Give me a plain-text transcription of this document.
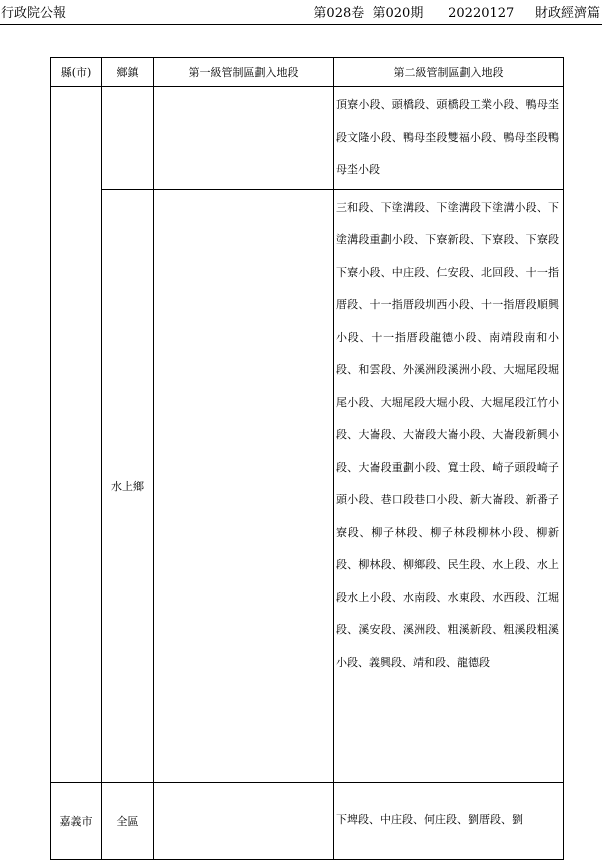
行政院公報	第028卷 第020期 20220127 財政經濟篇
縣(市)	鄉鎮	第一級管制區劃入地段	第二級管制區劃入地段
			頂寮小段、頭橋段、頭橋段工業小段、鴨母坔段文隆小段、鴨母坔段雙福小段、鴨母坔段鴨母坔小段
	水上鄉		三和段、下塗溝段、下塗溝段下塗溝小段、下塗溝段重劃小段、下寮新段、下寮段、下寮段下寮小段、中庄段、仁安段、北回段、十一指厝段、十一指厝段圳西小段、十一指厝段順興小段、十一指厝段龍德小段、南靖段南和小段、和雲段、外溪洲段溪洲小段、大堀尾段堀尾小段、大堀尾段大堀小段、大堀尾段江竹小段、大崙段、大崙段大崙小段、大崙段新興小段、大崙段重劃小段、寬士段、崎子頭段崎子頭小段、巷口段巷口小段、新大崙段、新番子寮段、柳子林段、柳子林段柳林小段、柳新段、柳林段、柳鄉段、民生段、水上段、水上段水上小段、水南段、水東段、水西段、江堀段、溪安段、溪洲段、粗溪新段、粗溪段粗溪小段、義興段、靖和段、龍德段
嘉義市	全區		下埤段、中庄段、何庄段、劉厝段、劉
